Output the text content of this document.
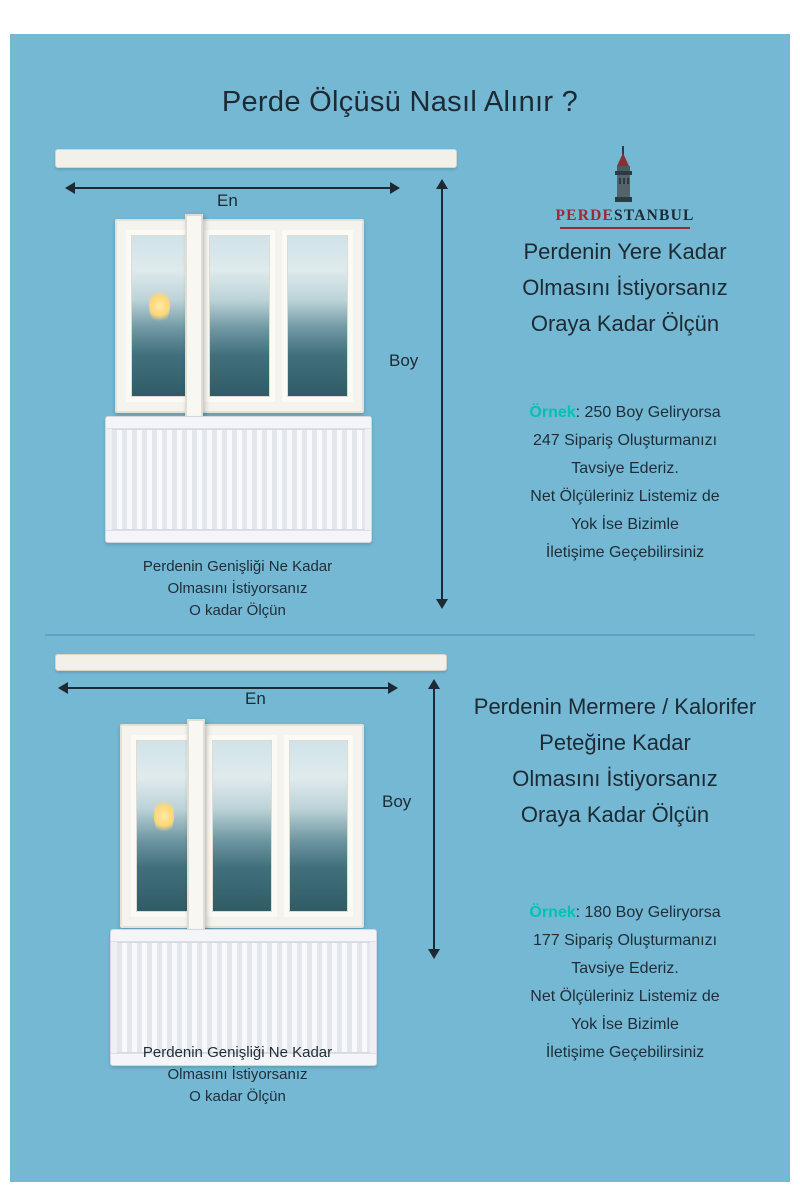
Perde Ölçüsü Nasıl Alınır ?
PERDESTANBUL
En
Boy
Perdenin Genişliği Ne Kadar
Olmasını İstiyorsanız
O kadar Ölçün
Perdenin Yere Kadar
Olmasını İstiyorsanız
Oraya Kadar Ölçün
Örnek: 250 Boy Geliryorsa
247 Sipariş Oluşturmanızı
Tavsiye Ederiz.
Net Ölçüleriniz Listemiz de
Yok İse Bizimle
İletişime Geçebilirsiniz
En
Boy
Perdenin Genişliği Ne Kadar
Olmasını İstiyorsanız
O kadar Ölçün
Perdenin Mermere / Kalorifer
Peteğine Kadar
Olmasını İstiyorsanız
Oraya Kadar Ölçün
Örnek: 180 Boy Geliryorsa
177 Sipariş Oluşturmanızı
Tavsiye Ederiz.
Net Ölçüleriniz Listemiz de
Yok İse Bizimle
İletişime Geçebilirsiniz
